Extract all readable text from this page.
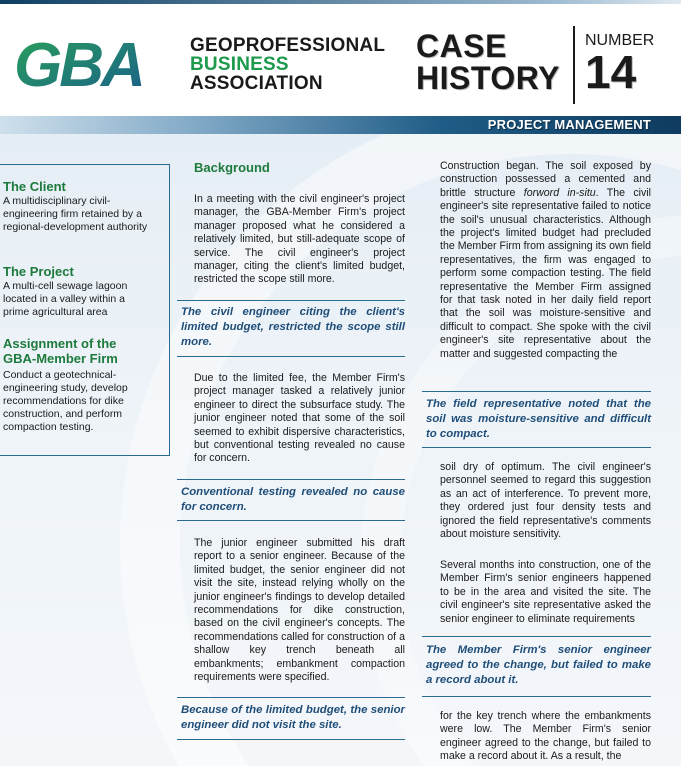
GBA GEOPROFESSIONAL
BUSINESS
ASSOCIATION
CASE
HISTORY
NUMBER
14
PROJECT MANAGEMENT
The Client
A multidisciplinary civil-engineering firm retained by a regional-development authority
The Project
A multi-cell sewage lagoon located in a valley within a prime agricultural area
Assignment of the
GBA-Member Firm
Conduct a geotechnical-engineering study, develop recommendations for dike construction, and perform compaction testing.
Background
In a meeting with the civil engineer's project manager, the GBA-Member Firm's project manager proposed what he considered a relatively limited, but still-adequate scope of service. The civil engineer's project manager, citing the client's limited budget, restricted the scope still more.
The civil engineer citing the client's limited budget, restricted the scope still more.
Due to the limited fee, the Member Firm's project manager tasked a relatively junior engineer to direct the subsurface study. The junior engineer noted that some of the soil seemed to exhibit dispersive characteristics, but conventional testing revealed no cause for concern.
Conventional testing revealed no cause for concern.
The junior engineer submitted his draft report to a senior engineer. Because of the limited budget, the senior engineer did not visit the site, instead relying wholly on the junior engineer's findings to develop detailed recommendations for dike construction, based on the civil engineer's concepts. The recommendations called for construction of a shallow key trench beneath all embankments; embankment compaction requirements were specified.
Because of the limited budget, the senior engineer did not visit the site.
Construction began. The soil exposed by construction possessed a cemented and brittle structure forword in-situ. The civil engineer's site representative failed to notice the soil's unusual characteristics. Although the project's limited budget had precluded the Member Firm from assigning its own field representatives, the firm was engaged to perform some compaction testing. The field representative the Member Firm assigned for that task noted in her daily field report that the soil was moisture-sensitive and difficult to compact. She spoke with the civil engineer's site representative about the matter and suggested compacting the
The field representative noted that the soil was moisture-sensitive and difficult to compact.
soil dry of optimum. The civil engineer's personnel seemed to regard this suggestion as an act of interference. To prevent more, they ordered just four density tests and ignored the field representative's comments about moisture sensitivity.
Several months into construction, one of the Member Firm's senior engineers happened to be in the area and visited the site. The civil engineer's site representative asked the senior engineer to eliminate requirements
The Member Firm's senior engineer agreed to the change, but failed to make a record about it.
for the key trench where the embankments were low. The Member Firm's senior engineer agreed to the change, but failed to make a record about it. As a result, the
